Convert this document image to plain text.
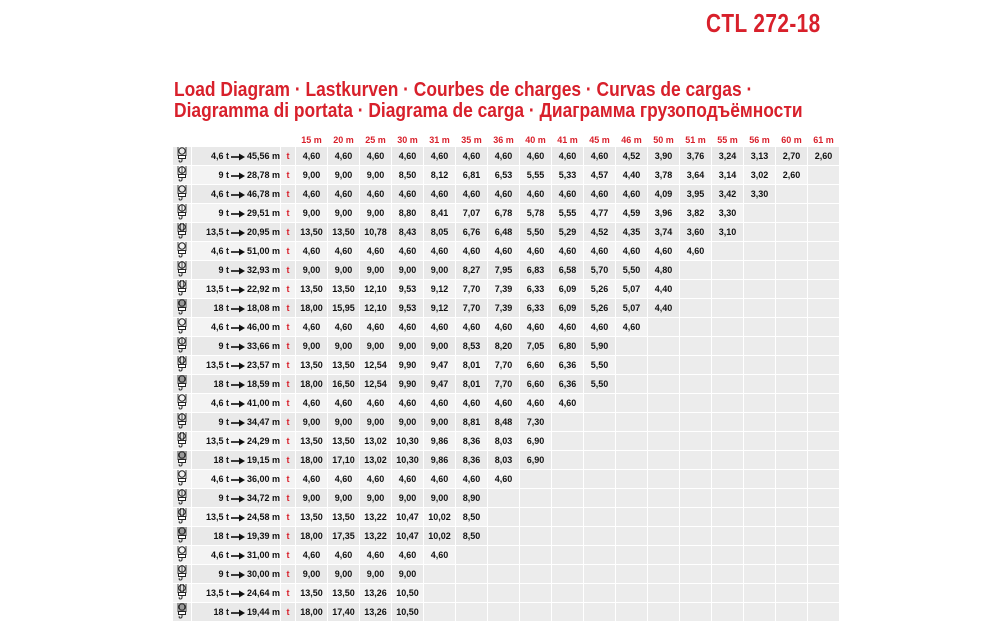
CTL 272-18
Load Diagram · Lastkurven · Courbes de charges · Curvas de cargas ·
Diagramma di portata · Diagrama de carga · Диаграмма грузоподъёмности
			15 m	20 m	25 m	30 m	31 m	35 m	36 m	40 m	41 m	45 m	46 m	50 m	51 m	55 m	56 m	60 m	61 m
	4,6 t 45,56 m	t	4,60	4,60	4,60	4,60	4,60	4,60	4,60	4,60	4,60	4,60	4,52	3,90	3,76	3,24	3,13	2,70	2,60
	9 t 28,78 m	t	9,00	9,00	9,00	8,50	8,12	6,81	6,53	5,55	5,33	4,57	4,40	3,78	3,64	3,14	3,02	2,60	
	4,6 t 46,78 m	t	4,60	4,60	4,60	4,60	4,60	4,60	4,60	4,60	4,60	4,60	4,60	4,09	3,95	3,42	3,30		
	9 t 29,51 m	t	9,00	9,00	9,00	8,80	8,41	7,07	6,78	5,78	5,55	4,77	4,59	3,96	3,82	3,30			
	13,5 t 20,95 m	t	13,50	13,50	10,78	8,43	8,05	6,76	6,48	5,50	5,29	4,52	4,35	3,74	3,60	3,10			
	4,6 t 51,00 m	t	4,60	4,60	4,60	4,60	4,60	4,60	4,60	4,60	4,60	4,60	4,60	4,60	4,60				
	9 t 32,93 m	t	9,00	9,00	9,00	9,00	9,00	8,27	7,95	6,83	6,58	5,70	5,50	4,80					
	13,5 t 22,92 m	t	13,50	13,50	12,10	9,53	9,12	7,70	7,39	6,33	6,09	5,26	5,07	4,40					
	18 t 18,08 m	t	18,00	15,95	12,10	9,53	9,12	7,70	7,39	6,33	6,09	5,26	5,07	4,40					
	4,6 t 46,00 m	t	4,60	4,60	4,60	4,60	4,60	4,60	4,60	4,60	4,60	4,60	4,60						
	9 t 33,66 m	t	9,00	9,00	9,00	9,00	9,00	8,53	8,20	7,05	6,80	5,90							
	13,5 t 23,57 m	t	13,50	13,50	12,54	9,90	9,47	8,01	7,70	6,60	6,36	5,50							
	18 t 18,59 m	t	18,00	16,50	12,54	9,90	9,47	8,01	7,70	6,60	6,36	5,50							
	4,6 t 41,00 m	t	4,60	4,60	4,60	4,60	4,60	4,60	4,60	4,60	4,60								
	9 t 34,47 m	t	9,00	9,00	9,00	9,00	9,00	8,81	8,48	7,30									
	13,5 t 24,29 m	t	13,50	13,50	13,02	10,30	9,86	8,36	8,03	6,90									
	18 t 19,15 m	t	18,00	17,10	13,02	10,30	9,86	8,36	8,03	6,90									
	4,6 t 36,00 m	t	4,60	4,60	4,60	4,60	4,60	4,60	4,60										
	9 t 34,72 m	t	9,00	9,00	9,00	9,00	9,00	8,90											
	13,5 t 24,58 m	t	13,50	13,50	13,22	10,47	10,02	8,50											
	18 t 19,39 m	t	18,00	17,35	13,22	10,47	10,02	8,50											
	4,6 t 31,00 m	t	4,60	4,60	4,60	4,60	4,60												
	9 t 30,00 m	t	9,00	9,00	9,00	9,00													
	13,5 t 24,64 m	t	13,50	13,50	13,26	10,50													
	18 t 19,44 m	t	18,00	17,40	13,26	10,50													
